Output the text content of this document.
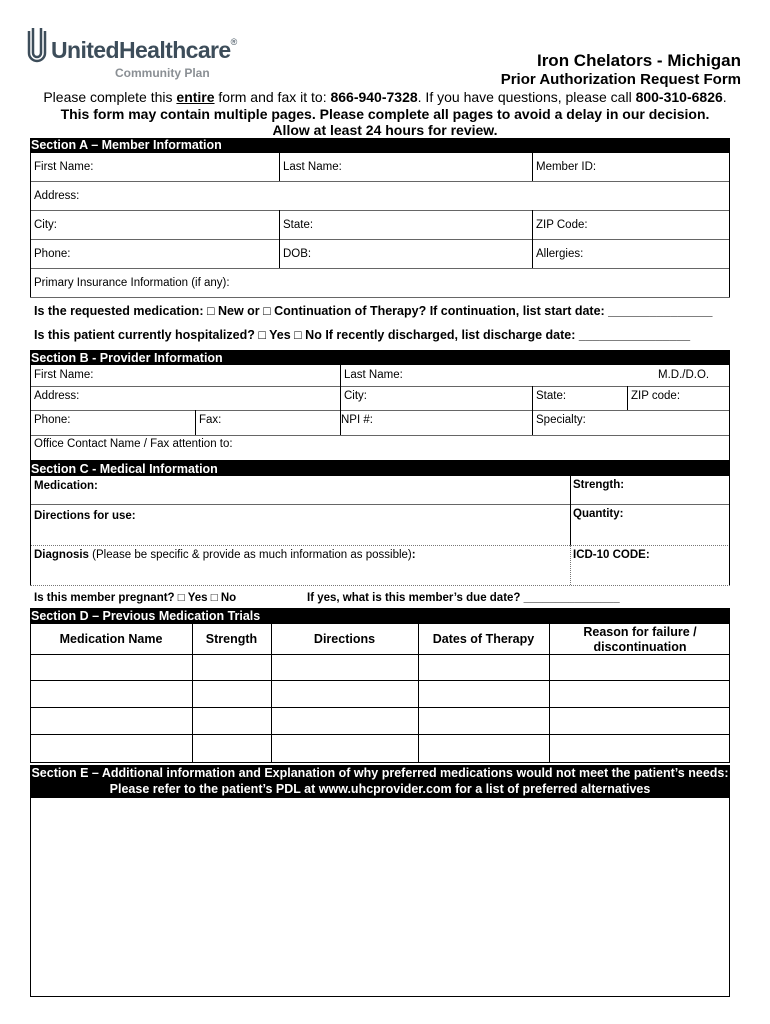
UnitedHealthcare®
Community Plan
Iron Chelators - Michigan
Prior Authorization Request Form
Please complete this entire form and fax it to: 866-940-7328. If you have questions, please call 800-310-6826.
This form may contain multiple pages. Please complete all pages to avoid a delay in our decision.
Allow at least 24 hours for review.
Section A – Member Information
First Name:	Last Name:	Member ID:
Address:
City:	State:	ZIP Code:
Phone:	DOB:	Allergies:
Primary Insurance Information (if any):
Is the requested medication: □ New or □ Continuation of Therapy? If continuation, list start date: _______________
Is this patient currently hospitalized? □ Yes □ No If recently discharged, list discharge date: ________________
Section B - Provider Information
First Name:	Last Name:	M.D./D.O.
Address:	City:	State:	ZIP code:
Phone:	Fax:	NPI #:	Specialty:
Office Contact Name / Fax attention to:
Section C - Medical Information
Medication:	Strength:
Directions for use:	Quantity:
Diagnosis (Please be specific & provide as much information as possible):	ICD-10 CODE:
Is this member pregnant? □ Yes □ No	If yes, what is this member’s due date? _______________
Section D – Previous Medication Trials
Medication Name	Strength	Directions	Dates of Therapy	Reason for failure / discontinuation
Section E – Additional information and Explanation of why preferred medications would not meet the patient’s needs:
Please refer to the patient’s PDL at www.uhcprovider.com for a list of preferred alternatives
